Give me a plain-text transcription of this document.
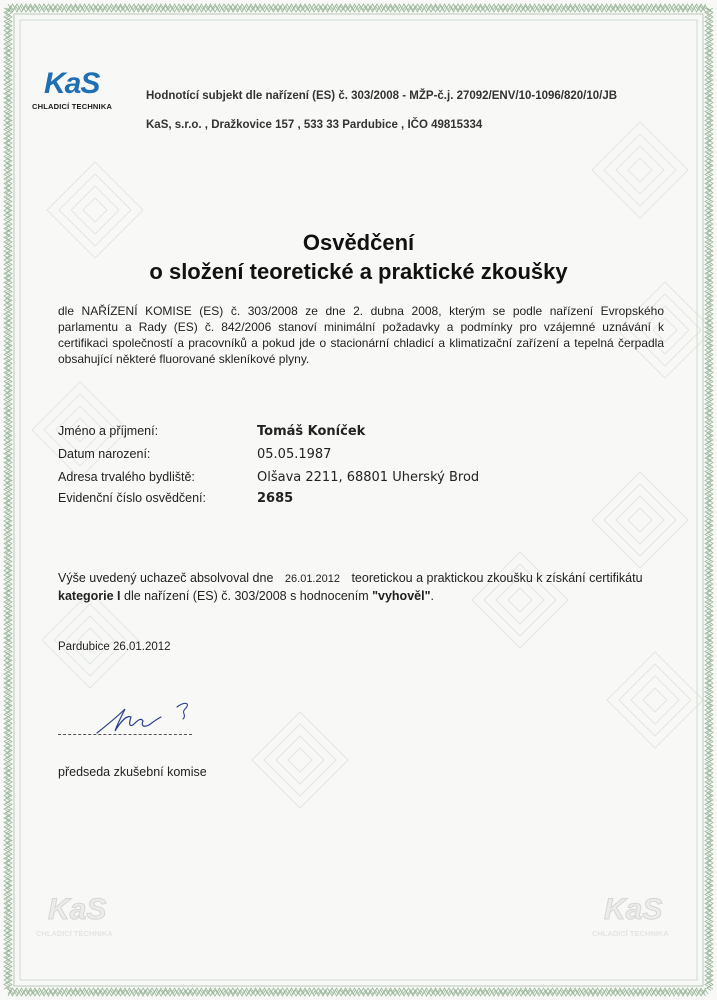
KaS
CHLADICÍ TECHNIKA
Hodnotící subjekt dle nařízení (ES) č. 303/2008 - MŽP-č.j. 27092/ENV/10-1096/820/10/JB
KaS, s.r.o. , Dražkovice 157 , 533 33 Pardubice , IČO 49815334
Osvědčení
o složení teoretické a praktické zkoušky
dle NAŘÍZENÍ KOMISE (ES) č. 303/2008 ze dne 2. dubna 2008, kterým se podle nařízení Evropského parlamentu a Rady (ES) č. 842/2006 stanoví minimální požadavky a podmínky pro vzájemné uznávání k certifikaci společností a pracovníků a pokud jde o stacionární chladicí a klimatizační zařízení a tepelná čerpadla obsahující některé fluorované skleníkové plyny.
Jméno a příjmení:	Tomáš Koníček
Datum narození:	05.05.1987
Adresa trvalého bydliště:	Olšava 2211, 68801 Uherský Brod
Evidenční číslo osvědčení:	2685
Výše uvedený uchazeč absolvoval dne 26.01.2012 teoretickou a praktickou zkoušku k získání certifikátu kategorie I dle nařízení (ES) č. 303/2008 s hodnocením "vyhověl".
Pardubice 26.01.2012
předseda zkušební komise
KaS
CHLADICÍ TECHNIKA
KaS
CHLADICÍ TECHNIKA
